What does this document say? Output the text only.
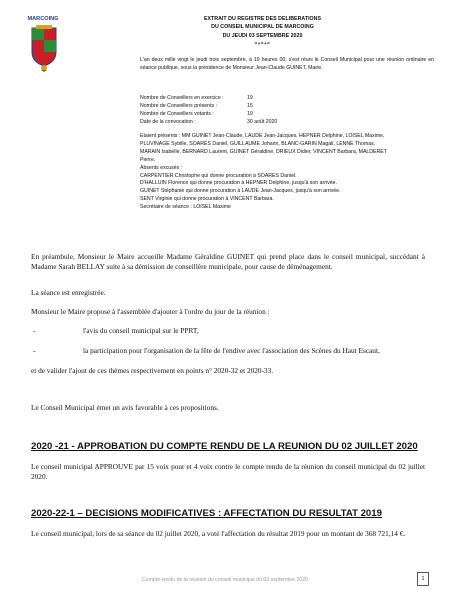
MARCOING	EXTRAIT DU REGISTRE DES DELIBERATIONS
DU CONSEIL MUNICIPAL DE MARCOING
DU JEUDI 03 SEPTEMBRE 2020
=+=+=
L'an deux mille vingt le jeudi trois septembre, à 19 heures 00, s'est réuni le Conseil Municipal pour une réunion ordinaire en séance publique, sous la présidence de Monsieur Jean-Claude GUINET, Maire.
Nombre de Conseillers en exercice :	19
Nombre de Conseillers présents :	15
Nombre de Conseillers votants :	19
Date de la convocation :	30 août 2020
Etaient présents : MM GUINET Jean-Claude, LAUDE Jean-Jacques, HEPNER Delphine, LOISEL Maxime,
PLUVINAGE Sybille, SOARES Daniel, GUILLAUME Johann, BLANC-GARIN Magali, LENNE Thomas,
MARAIN Isabelle, BERNARD Laurent, GUINET Géraldine, DRIEUX Didier, VINCENT Barbara, MALDERET
Pierre.
Absents excusés :
CARPENTIER Christophe qui donne procuration à SOARES Daniel.
D'HALLUIN Florence qui donne procuration à HEPNER Delphine, jusqu'à son arrivée.
GUINET Stéphanie qui donne procuration à LAUDE Jean-Jacques, jusqu'à son arrivée.
SENT Virginie qui donne procuration à VINCENT Barbara.
Secrétaire de séance : LOISEL Maxime
En préambule, Monsieur le Maire accueille Madame Géraldine GUINET qui prend place dans le conseil municipal, succédant à Madame Sarah BELLAY suite à sa démission de conseillère municipale, pour cause de déménagement.
La séance est enregistrée.
Monsieur le Maire propose à l'assemblée d'ajouter à l'ordre du jour de la réunion :
-	l'avis du conseil municipal sur le PPRT,
-	la participation pour l'organisation de la fête de l'endive avec l'association des Scènes du Haut Escaut,
et de valider l'ajout de ces thèmes respectivement en points n° 2020-32 et 2020-33.
Le Conseil Municipal émet un avis favorable à ces propositions.
2020 -21 - APPROBATION DU COMPTE RENDU DE LA REUNION DU 02 JUILLET 2020
Le conseil municipal APPROUVE par 15 voix pour et 4 voix contre le compte rendu de la réunion du conseil municipal du 02 juillet 2020.
2020-22-1 – DECISIONS MODIFICATIVES : AFFECTATION DU RESULTAT 2019
Le conseil municipal, lors de sa séance du 02 juillet 2020, a voté l'affectation du résultat 2019 pour un montant de 368 721,14 €.
Compte-rendu de la réunion du conseil municipal du 03 septembre 2020	1
